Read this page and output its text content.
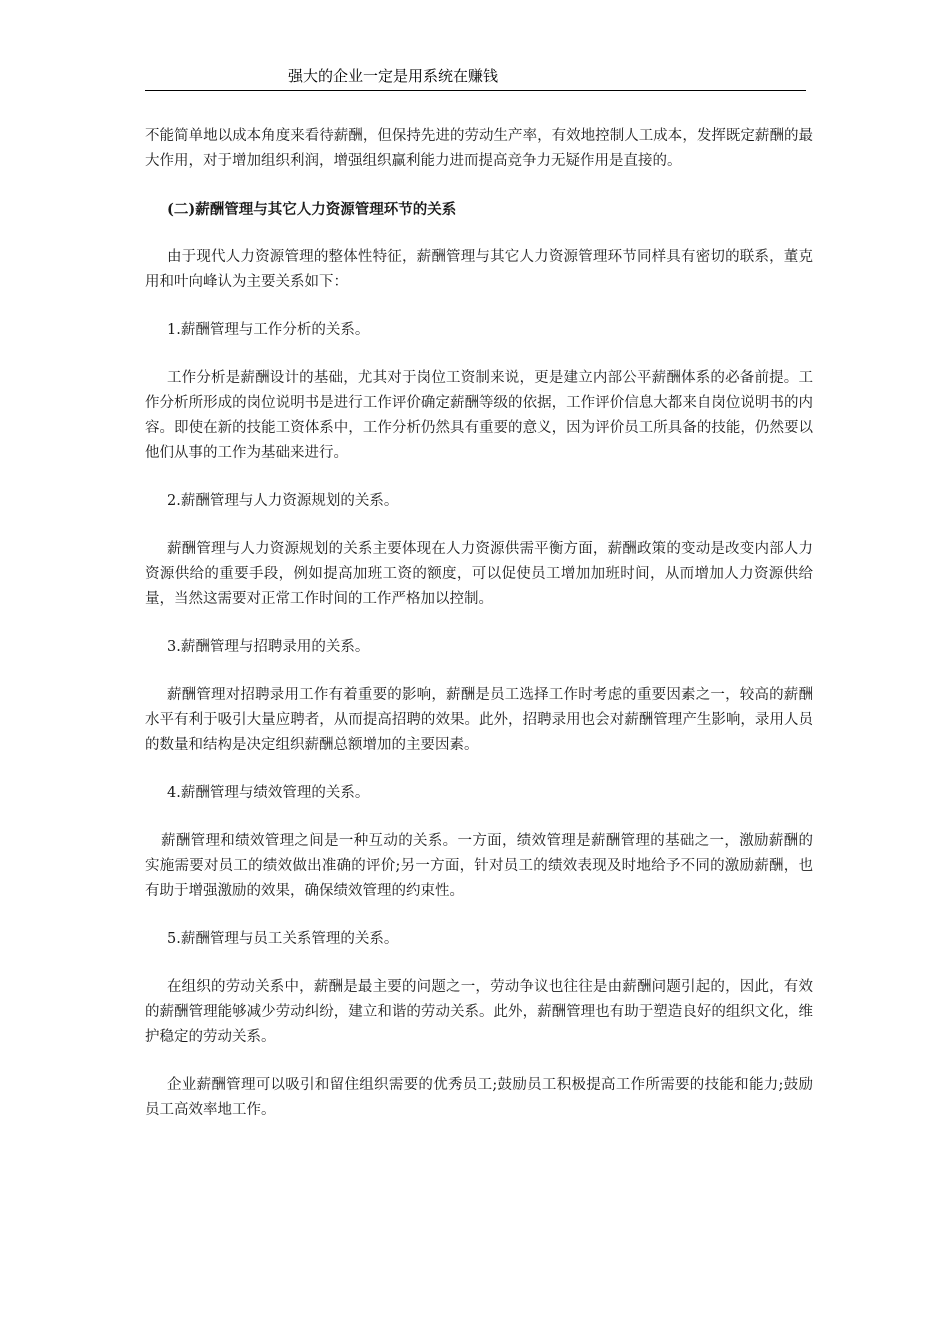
强大的企业一定是用系统在赚钱

不能简单地以成本角度来看待薪酬，但保持先进的劳动生产率，有效地控制人工成本，发挥既定薪酬的最大作用，对于增加组织利润，增强组织赢利能力进而提高竞争力无疑作用是直接的。

(二)薪酬管理与其它人力资源管理环节的关系

由于现代人力资源管理的整体性特征，薪酬管理与其它人力资源管理环节同样具有密切的联系，董克用和叶向峰认为主要关系如下：

1.薪酬管理与工作分析的关系。

工作分析是薪酬设计的基础，尤其对于岗位工资制来说，更是建立内部公平薪酬体系的必备前提。工作分析所形成的岗位说明书是进行工作评价确定薪酬等级的依据，工作评价信息大都来自岗位说明书的内容。即使在新的技能工资体系中，工作分析仍然具有重要的意义，因为评价员工所具备的技能，仍然要以他们从事的工作为基础来进行。

2.薪酬管理与人力资源规划的关系。

薪酬管理与人力资源规划的关系主要体现在人力资源供需平衡方面，薪酬政策的变动是改变内部人力资源供给的重要手段，例如提高加班工资的额度，可以促使员工增加加班时间，从而增加人力资源供给量，当然这需要对正常工作时间的工作严格加以控制。

3.薪酬管理与招聘录用的关系。

薪酬管理对招聘录用工作有着重要的影响，薪酬是员工选择工作时考虑的重要因素之一，较高的薪酬水平有利于吸引大量应聘者，从而提高招聘的效果。此外，招聘录用也会对薪酬管理产生影响，录用人员的数量和结构是决定组织薪酬总额增加的主要因素。

4.薪酬管理与绩效管理的关系。

薪酬管理和绩效管理之间是一种互动的关系。一方面，绩效管理是薪酬管理的基础之一，激励薪酬的实施需要对员工的绩效做出准确的评价;另一方面，针对员工的绩效表现及时地给予不同的激励薪酬，也有助于增强激励的效果，确保绩效管理的约束性。

5.薪酬管理与员工关系管理的关系。

在组织的劳动关系中，薪酬是最主要的问题之一，劳动争议也往往是由薪酬问题引起的，因此，有效的薪酬管理能够减少劳动纠纷，建立和谐的劳动关系。此外，薪酬管理也有助于塑造良好的组织文化，维护稳定的劳动关系。

企业薪酬管理可以吸引和留住组织需要的优秀员工;鼓励员工积极提高工作所需要的技能和能力;鼓励员工高效率地工作。
